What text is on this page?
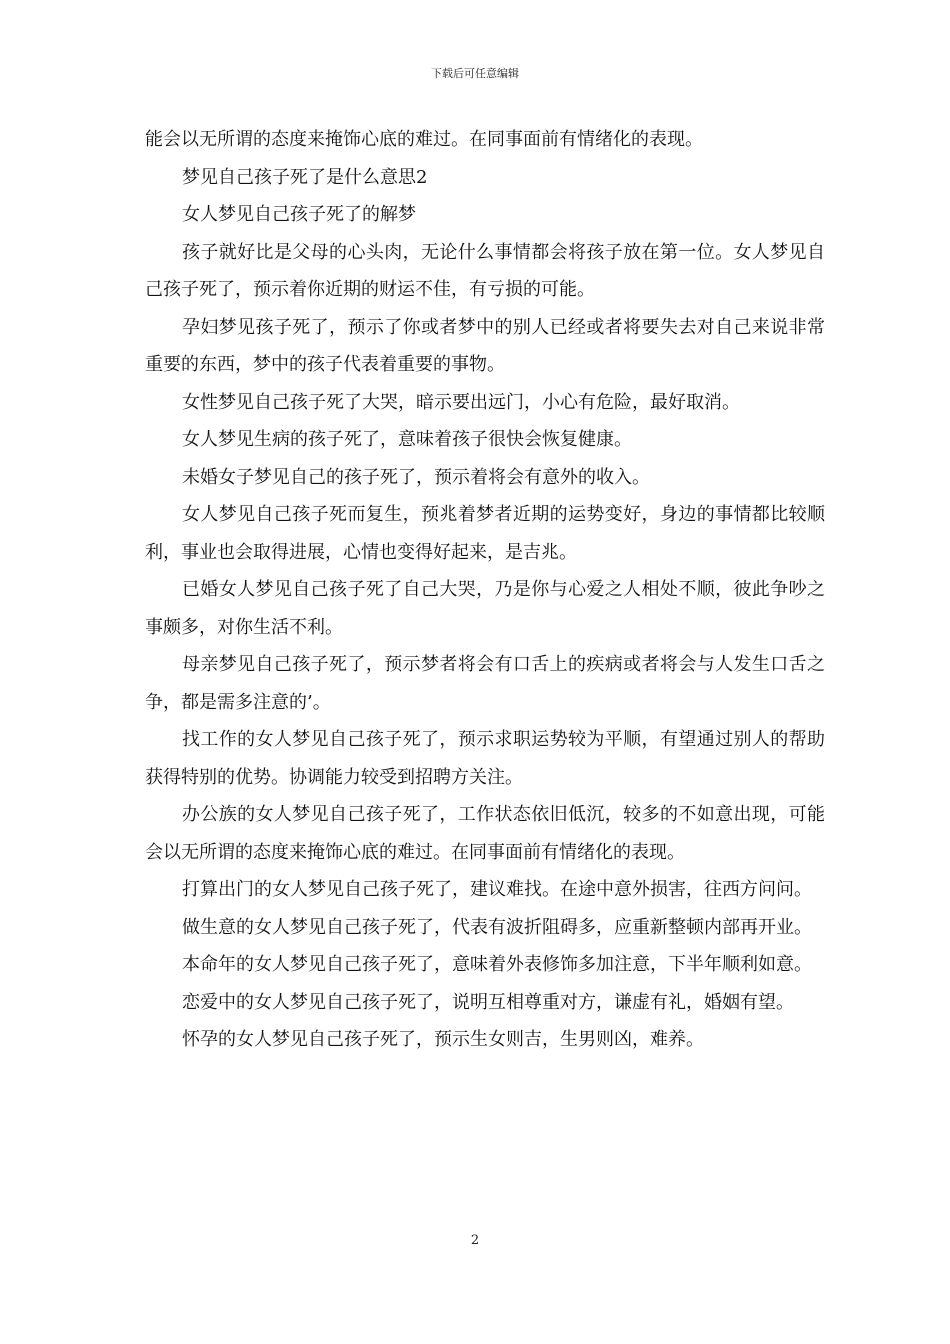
下载后可任意编辑

能会以无所谓的态度来掩饰心底的难过。在同事面前有情绪化的表现。

梦见自己孩子死了是什么意思2

女人梦见自己孩子死了的解梦

孩子就好比是父母的心头肉，无论什么事情都会将孩子放在第一位。女人梦见自己孩子死了，预示着你近期的财运不佳，有亏损的可能。

孕妇梦见孩子死了，预示了你或者梦中的别人已经或者将要失去对自己来说非常重要的东西，梦中的孩子代表着重要的事物。

女性梦见自己孩子死了大哭，暗示要出远门，小心有危险，最好取消。

女人梦见生病的孩子死了，意味着孩子很快会恢复健康。

未婚女子梦见自己的孩子死了，预示着将会有意外的收入。

女人梦见自己孩子死而复生，预兆着梦者近期的运势变好，身边的事情都比较顺利，事业也会取得进展，心情也变得好起来，是吉兆。

已婚女人梦见自己孩子死了自己大哭，乃是你与心爱之人相处不顺，彼此争吵之事颇多，对你生活不利。

母亲梦见自己孩子死了，预示梦者将会有口舌上的疾病或者将会与人发生口舌之争，都是需多注意的’。

找工作的女人梦见自己孩子死了，预示求职运势较为平顺，有望通过别人的帮助获得特别的优势。协调能力较受到招聘方关注。

办公族的女人梦见自己孩子死了，工作状态依旧低沉，较多的不如意出现，可能会以无所谓的态度来掩饰心底的难过。在同事面前有情绪化的表现。

打算出门的女人梦见自己孩子死了，建议难找。在途中意外损害，往西方问问。

做生意的女人梦见自己孩子死了，代表有波折阻碍多，应重新整顿内部再开业。

本命年的女人梦见自己孩子死了，意味着外表修饰多加注意，下半年顺利如意。

恋爱中的女人梦见自己孩子死了，说明互相尊重对方，谦虚有礼，婚姻有望。

怀孕的女人梦见自己孩子死了，预示生女则吉，生男则凶，难养。

2
